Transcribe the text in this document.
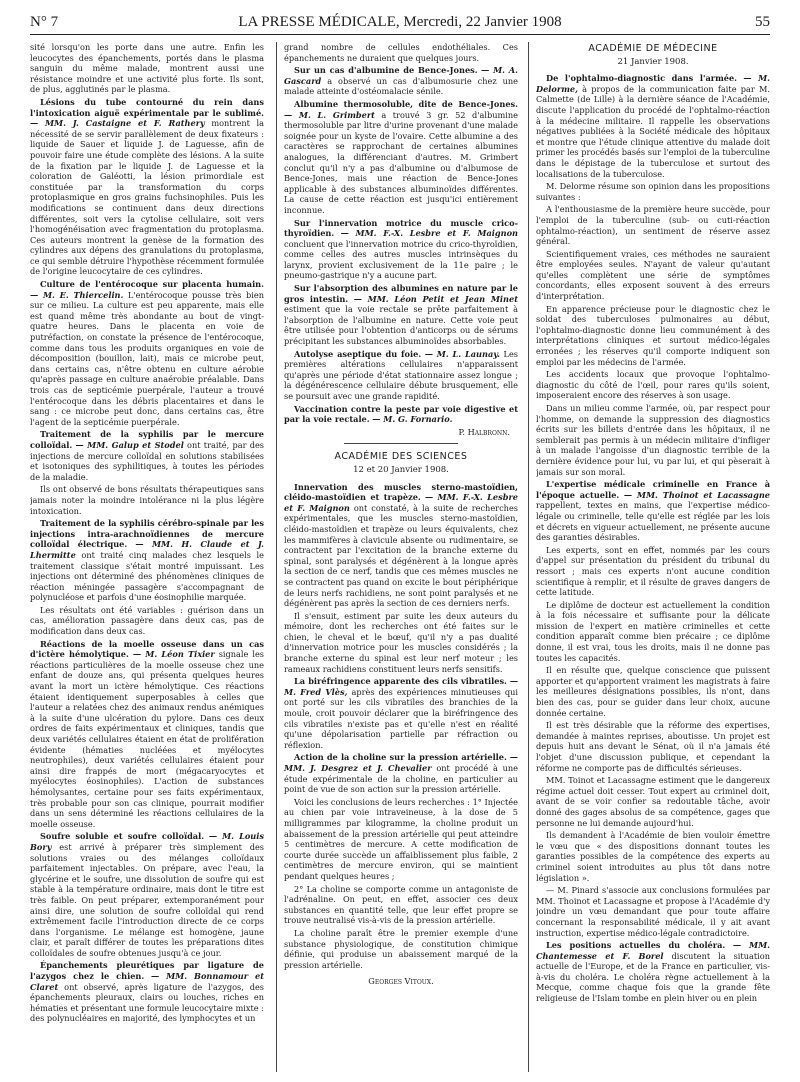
N° 7	LA PRESSE MÉDICALE, Mercredi, 22 Janvier 1908	55

sité lorsqu'on les porte dans une autre. Enfin les leucocytes des épanchements, portés dans le plasma sanguin du même malade, montrent aussi une résistance moindre et une activité plus forte. Ils sont, de plus, agglutinés par le plasma.

Lésions du tube contourné du rein dans l'intoxication aiguë expérimentale par le sublimé. — MM. J. Castaigne et F. Rathery montrent la nécessité de se servir parallèlement de deux fixateurs : liquide de Sauer et liquide J. de Laguesse, afin de pouvoir faire une étude complète des lésions. A la suite de la fixation par le liquide J. de Laguesse et la coloration de Galéotti, la lésion primordiale est constituée par la transformation du corps protoplasmique en gros grains fuchsinophiles. Puis les modifications se continuent dans deux directions différentes, soit vers la cytolise cellulaire, soit vers l'homogénéisation avec fragmentation du protoplasma. Ces auteurs montrent la genèse de la formation des cylindres aux dépens des granulations du protoplasma, ce qui semble détruire l'hypothèse récemment formulée de l'origine leucocytaire de ces cylindres.

Culture de l'entérocoque sur placenta humain. — M. E. Thiercelin. L'entérocoque pousse très bien sur ce milieu. La culture est peu apparente, mais elle est quand même très abondante au bout de vingt-quatre heures. Dans le placenta en voie de putréfaction, on constate la présence de l'entérocoque, comme dans tous les produits organiques en voie de décomposition (bouillon, lait), mais ce microbe peut, dans certains cas, n'être obtenu en culture aérobie qu'après passage en culture anaérobie préalable. Dans trois cas de septicémie puerpérale, l'auteur a trouvé l'entérocoque dans les débris placentaires et dans le sang : ce microbe peut donc, dans certains cas, être l'agent de la septicémie puerpérale.

Traitement de la syphilis par le mercure colloïdal. — MM. Galup et Stodel ont traité, par des injections de mercure colloïdal en solutions stabilisées et isotoniques des syphilitiques, à toutes les périodes de la maladie.

Ils ont observé de bons résultats thérapeutiques sans jamais noter la moindre intolérance ni la plus légère intoxication.

Traitement de la syphilis cérébro-spinale par les injections intra-arachnoïdiennes de mercure colloïdal électrique. — MM. H. Claude et J. Lhermitte ont traité cinq malades chez lesquels le traitement classique s'était montré impuissant. Les injections ont déterminé des phénomènes cliniques de réaction méningée passagère s'accompagnant de polynucléose et parfois d'une éosinophilie marquée.

Les résultats ont été variables : guérison dans un cas, amélioration passagère dans deux cas, pas de modification dans deux cas.

Réactions de la moelle osseuse dans un cas d'ictère hémolytique. — M. Léon Tixier signale les réactions particulières de la moelle osseuse chez une enfant de douze ans, qui présenta quelques heures avant la mort un ictère hémolytique. Ces réactions étaient identiquement superposables à celles que l'auteur a relatées chez des animaux rendus anémiques à la suite d'une ulcération du pylore. Dans ces deux ordres de faits expérimentaux et cliniques, tandis que deux variétés cellulaires étaient en état de prolifération évidente (hématies nucléées et myélocytes neutrophiles), deux variétés cellulaires étaient pour ainsi dire frappés de mort (mégacaryocytes et myélocytes éosinophiles). L'action de substances hémolysantes, certaine pour ses faits expérimentaux, très probable pour son cas clinique, pourrait modifier dans un sens déterminé les réactions cellulaires de la moelle osseuse.

Soufre soluble et soufre colloïdal. — M. Louis Bory est arrivé à préparer très simplement des solutions vraies ou des mélanges colloïdaux parfaitement injectables. On prépare, avec l'eau, la glycérine et le soufre, une dissolution de soufre qui est stable à la température ordinaire, mais dont le titre est très faible. On peut préparer, extemporanément pour ainsi dire, une solution de soufre colloïdal qui rend extrêmement facile l'introduction directe de ce corps dans l'organisme. Le mélange est homogène, jaune clair, et paraît différer de toutes les préparations dites colloïdales de soufre obtenues jusqu'à ce jour.

Épanchements pleurétiques par ligature de l'azygos chez le chien. — MM. Bonnamour et Claret ont observé, après ligature de l'azygos, des épanchements pleuraux, clairs ou louches, riches en hématies et présentant une formule leucocytaire mixte : des polynucléaires en majorité, des lymphocytes et un

grand nombre de cellules endothéliales. Ces épanchements ne duraient que quelques jours.

Sur un cas d'albumine de Bence-Jones. — M. A. Gascard a observé un cas d'albumosurie chez une malade atteinte d'ostéomalacie sénile.

Albumine thermosoluble, dite de Bence-Jones. — M. L. Grimbert a trouvé 3 gr. 52 d'albumine thermosoluble par litre d'urine provenant d'une malade soignée pour un kyste de l'ovaire. Cette albumine a des caractères se rapprochant de certaines albumines analogues, la différenciant d'autres. M. Grimbert conclut qu'il n'y a pas d'albumine ou d'albumose de Bence-Jones, mais une réaction de Bence-Jones applicable à des substances albuminoïdes différentes. La cause de cette réaction est jusqu'ici entièrement inconnue.

Sur l'innervation motrice du muscle crico-thyroïdien. — MM. F.-X. Lesbre et F. Maignon concluent que l'innervation motrice du crico-thyroïdien, comme celles des autres muscles intrinsèques du larynx, provient exclusivement de la 11e paire ; le pneumo-gastrique n'y a aucune part.

Sur l'absorption des albumines en nature par le gros intestin. — MM. Léon Petit et Jean Minet estiment que la voie rectale se prête parfaitement à l'absorption de l'albumine en nature. Cette voie peut être utilisée pour l'obtention d'anticorps ou de sérums précipitant les substances albuminoïdes absorbables.

Autolyse aseptique du foie. — M. L. Launay. Les premières altérations cellulaires n'apparaissent qu'après une période d'état stationnaire assez longue ; la dégénérescence cellulaire débute brusquement, elle se poursuit avec une grande rapidité.

Vaccination contre la peste par voie digestive et par la voie rectale. — M. G. Fornario.

P. Halbronn.
ACADÉMIE DES SCIENCES
12 et 20 Janvier 1908.

Innervation des muscles sterno-mastoïdien, cléido-mastoïdien et trapèze. — MM. F.-X. Lesbre et F. Maignon ont constaté, à la suite de recherches expérimentales, que les muscles sterno-mastoïdien, cléido-mastoïdien et trapèze ou leurs équivalents, chez les mammifères à clavicule absente ou rudimentaire, se contractent par l'excitation de la branche externe du spinal, sont paralysés et dégénèrent à la longue après la section de ce nerf, tandis que ces mêmes muscles ne se contractent pas quand on excite le bout périphérique de leurs nerfs rachidiens, ne sont point paralysés et ne dégénèrent pas après la section de ces derniers nerfs.

Il s'ensuit, estiment par suite les deux auteurs du mémoire, dont les recherches ont été faites sur le chien, le cheval et le bœuf, qu'il n'y a pas dualité d'innervation motrice pour les muscles considérés ; la branche externe du spinal est leur nerf moteur ; les rameaux rachidiens constituent leurs nerfs sensitifs.

La biréfringence apparente des cils vibratiles. — M. Fred Vlès, après des expériences minutieuses qui ont porté sur les cils vibratiles des branchies de la moule, croit pouvoir déclarer que la biréfringence des cils vibratiles n'existe pas et qu'elle n'est en réalité qu'une dépolarisation partielle par réfraction ou réflexion.

Action de la choline sur la pression artérielle. — MM. J. Desgrez et J. Chevalier ont procédé à une étude expérimentale de la choline, en particulier au point de vue de son action sur la pression artérielle.

Voici les conclusions de leurs recherches : 1° Injectée au chien par voie intraveineuse, à la dose de 5 milligrammes par kilogramme, la choline produit un abaissement de la pression artérielle qui peut atteindre 5 centimètres de mercure. A cette modification de courte durée succède un affaiblissement plus faible, 2 centimètres de mercure environ, qui se maintient pendant quelques heures ;

2° La choline se comporte comme un antagoniste de l'adrénaline. On peut, en effet, associer ces deux substances en quantité telle, que leur effet propre se trouve neutralisé vis-à-vis de la pression artérielle.

La choline paraît être le premier exemple d'une substance physiologique, de constitution chimique définie, qui produise un abaissement marqué de la pression artérielle.

Georges Vitoux.
ACADÉMIE DE MÉDECINE
21 Janvier 1908.

De l'ophtalmo-diagnostic dans l'armée. — M. Delorme, à propos de la communication faite par M. Calmette (de Lille) à la dernière séance de l'Académie, discute l'application du procédé de l'ophtalmo-réaction à la médecine militaire. Il rappelle les observations négatives publiées à la Société médicale des hôpitaux et montre que l'étude clinique attentive du malade doit primer les procédés basés sur l'emploi de la tuberculine dans le dépistage de la tuberculose et surtout des localisations de la tuberculose.

M. Delorme résume son opinion dans les propositions suivantes :

A l'enthousiasme de la première heure succède, pour l'emploi de la tuberculine (sub- ou cuti-réaction ophtalmo-réaction), un sentiment de réserve assez général.

Scientifiquement vraies, ces méthodes ne sauraient être employées seules. N'ayant de valeur qu'autant qu'elles complètent une série de symptômes concordants, elles exposent souvent à des erreurs d'interprétation.

En apparence précieuse pour le diagnostic chez le soldat des tuberculoses pulmonaires au début, l'ophtalmo-diagnostic donne lieu communément à des interprétations cliniques et surtout médico-légales erronées ; les réserves qu'il comporte indiquent son emploi par les médecins de l'armée.

Les accidents locaux que provoque l'ophtalmo-diagnostic du côté de l'œil, pour rares qu'ils soient, imposeraient encore des réserves à son usage.

Dans un milieu comme l'armée, où, par respect pour l'homme, on demande la suppression des diagnostics écrits sur les billets d'entrée dans les hôpitaux, il ne semblerait pas permis à un médecin militaire d'infliger à un malade l'angoisse d'un diagnostic terrible de la dernière évidence pour lui, vu par lui, et qui pèserait à jamais sur son moral.

L'expertise médicale criminelle en France à l'époque actuelle. — MM. Thoinot et Lacassagne rappellent, textes en mains, que l'expertise médico-légale ou criminelle, telle qu'elle est réglée par les lois et décrets en vigueur actuellement, ne présente aucune des garanties désirables.

Les experts, sont en effet, nommés par les cours d'appel sur présentation du président du tribunal du ressort ; mais ces experts n'ont aucune condition scientifique à remplir, et il résulte de graves dangers de cette latitude.

Le diplôme de docteur est actuellement la condition à la fois nécessaire et suffisante pour la délicate mission de l'expert en matière criminelles et cette condition apparaît comme bien précaire ; ce diplôme donne, il est vrai, tous les droits, mais il ne donne pas toutes les capacités.

Il en résulte que, quelque conscience que puissent apporter et qu'apportent vraiment les magistrats à faire les meilleures désignations possibles, ils n'ont, dans bien des cas, pour se guider dans leur choix, aucune donnée certaine.

Il est très désirable que la réforme des expertises, demandée à maintes reprises, aboutisse. Un projet est depuis huit ans devant le Sénat, où il n'a jamais été l'objet d'une discussion publique, et cependant la réforme ne comporte pas de difficultés sérieuses.

MM. Toinot et Lacassagne estiment que le dangereux régime actuel doit cesser. Tout expert au criminel doit, avant de se voir confier sa redoutable tâche, avoir donné des gages absolus de sa compétence, gages que personne ne lui demande aujourd'hui.

Ils demandent à l'Académie de bien vouloir émettre le vœu que « des dispositions donnant toutes les garanties possibles de la compétence des experts au criminel soient introduites au plus tôt dans notre législation ».

— M. Pinard s'associe aux conclusions formulées par MM. Thoinot et Lacassagne et propose à l'Académie d'y joindre un vœu demandant que pour toute affaire concernant la responsabilité médicale, il y ait avant instruction, expertise médico-légale contradictoire.

Les positions actuelles du choléra. — MM. Chantemesse et F. Borel discutent la situation actuelle de l'Europe, et de la France en particulier, vis-à-vis du choléra. Le choléra règne actuellement à la Mecque, comme chaque fois que la grande fête religieuse de l'Islam tombe en plein hiver ou en plein
